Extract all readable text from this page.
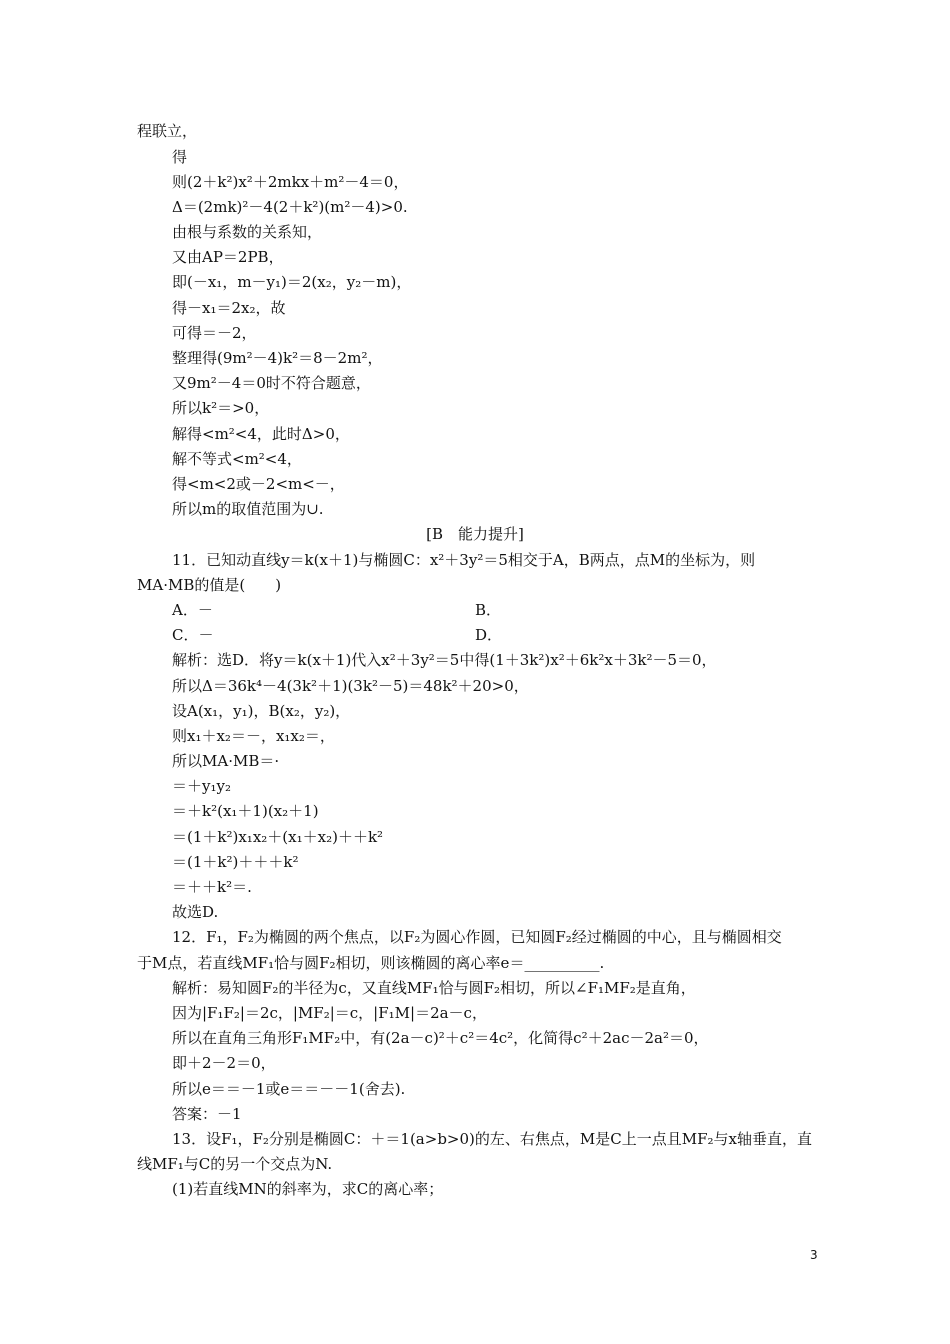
程联立，
得
则(2＋k²)x²＋2mkx＋m²－4＝0，
Δ＝(2mk)²－4(2＋k²)(m²－4)>0.
由根与系数的关系知，
又由AP＝2PB，
即(－x₁，m－y₁)＝2(x₂，y₂－m)，
得－x₁＝2x₂，故
可得＝－2，
整理得(9m²－4)k²＝8－2m²，
又9m²－4＝0时不符合题意，
所以k²＝>0，
解得<m²<4，此时Δ>0，
解不等式<m²<4，
得<m<2或－2<m<－，
所以m的取值范围为∪.
[B　能力提升]
11．已知动直线y＝k(x＋1)与椭圆C：x²＋3y²＝5相交于A，B两点，点M的坐标为，则
MA·MB的值是(　　)
A．－	B．
C．－	D．
解析：选D．将y＝k(x＋1)代入x²＋3y²＝5中得(1＋3k²)x²＋6k²x＋3k²－5＝0，
所以Δ＝36k⁴－4(3k²＋1)(3k²－5)＝48k²＋20>0，
设A(x₁，y₁)，B(x₂，y₂)，
则x₁＋x₂＝－，x₁x₂＝，
所以MA·MB＝·
＝＋y₁y₂
＝＋k²(x₁＋1)(x₂＋1)
＝(1＋k²)x₁x₂＋(x₁＋x₂)＋＋k²
＝(1＋k²)＋＋＋k²
＝＋＋k²＝.
故选D.
12．F₁，F₂为椭圆的两个焦点，以F₂为圆心作圆，已知圆F₂经过椭圆的中心，且与椭圆相交
于M点，若直线MF₁恰与圆F₂相切，则该椭圆的离心率e＝__________.
解析：易知圆F₂的半径为c，又直线MF₁恰与圆F₂相切，所以∠F₁MF₂是直角，
因为|F₁F₂|＝2c，|MF₂|＝c，|F₁M|＝2a－c，
所以在直角三角形F₁MF₂中，有(2a－c)²＋c²＝4c²，化简得c²＋2ac－2a²＝0，
即＋2－2＝0，
所以e＝＝－1或e＝＝－－1(舍去).
答案：－1
13．设F₁，F₂分别是椭圆C：＋＝1(a>b>0)的左、右焦点，M是C上一点且MF₂与x轴垂直，直
线MF₁与C的另一个交点为N.
(1)若直线MN的斜率为，求C的离心率；
3
